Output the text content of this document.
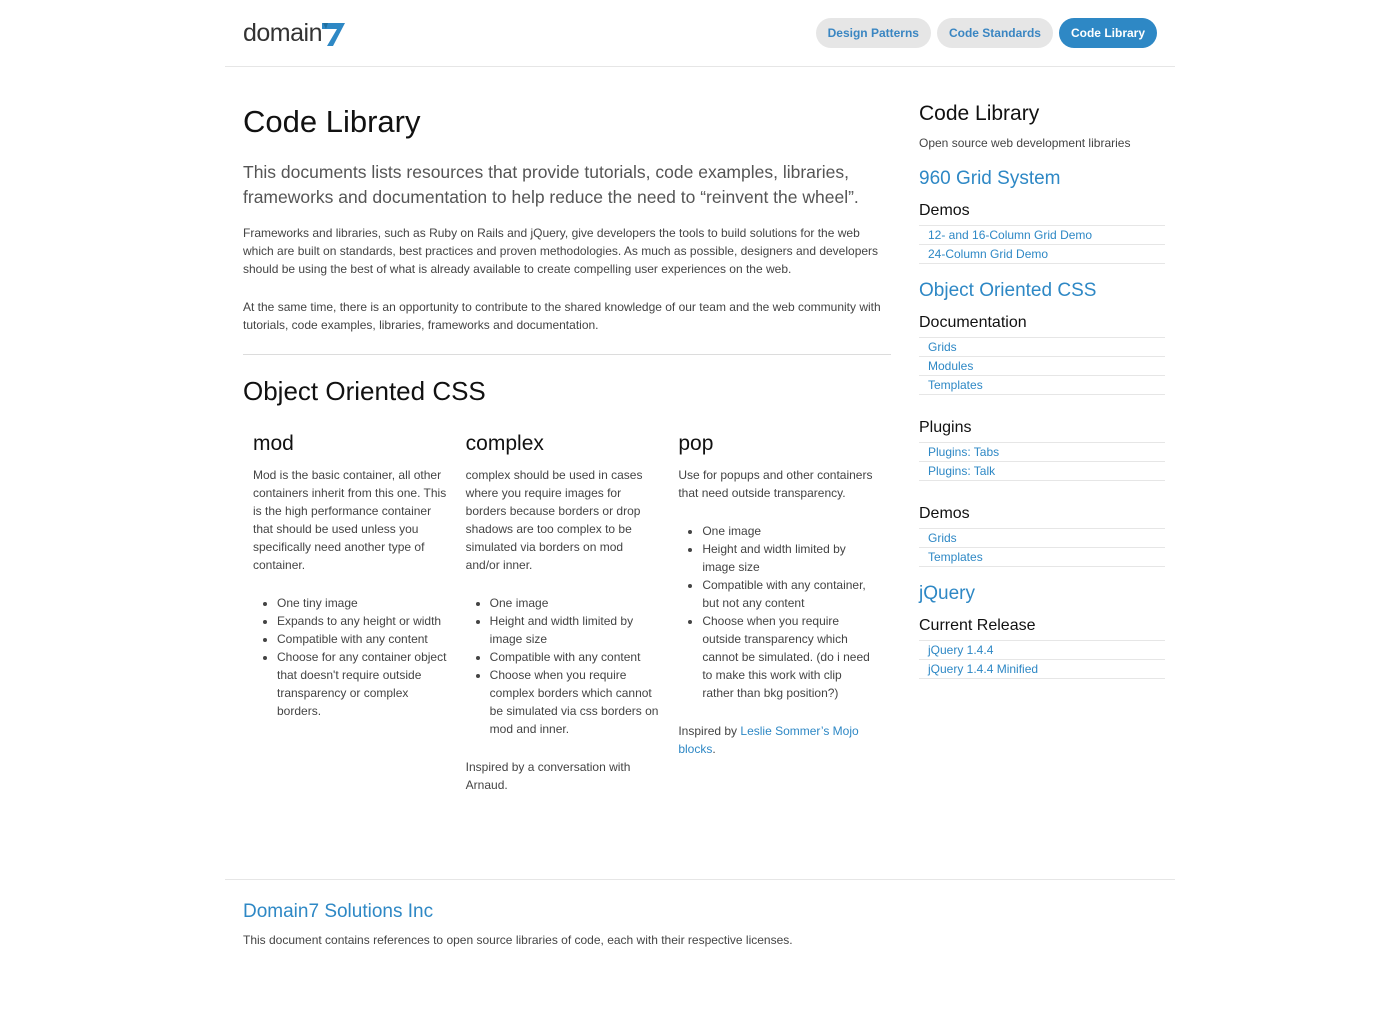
domain	Design Patterns	Code Standards	Code Library
Code Library

This documents lists resources that provide tutorials, code examples, libraries, frameworks and documentation to help reduce the need to “reinvent the wheel”.

Frameworks and libraries, such as Ruby on Rails and jQuery, give developers the tools to build solutions for the web which are built on standards, best practices and proven methodologies. As much as possible, designers and developers should be using the best of what is already available to create compelling user experiences on the web.

At the same time, there is an opportunity to contribute to the shared knowledge of our team and the web community with tutorials, code examples, libraries, frameworks and documentation.

Object Oriented CSS
mod

Mod is the basic container, all other containers inherit from this one. This is the high performance container that should be used unless you specifically need another type of container.

• One tiny image
• Expands to any height or width
• Compatible with any content
• Choose for any container object that doesn't require outside transparency or complex borders.
complex

complex should be used in cases where you require images for borders because borders or drop shadows are too complex to be simulated via borders on mod and/or inner.

• One image
• Height and width limited by image size
• Compatible with any content
• Choose when you require complex borders which cannot be simulated via css borders on mod and inner.

Inspired by a conversation with Arnaud.

pop

Use for popups and other containers that need outside transparency.

• One image
• Height and width limited by image size
• Compatible with any container, but not any content
• Choose when you require outside transparency which cannot be simulated. (do i need to make this work with clip rather than bkg position?)

Inspired by Leslie Sommer’s Mojo blocks.

Code Library

Open source web development libraries

960 Grid System
Demos
12- and 16-Column Grid Demo
24-Column Grid Demo
Object Oriented CSS
Documentation
Grids
Modules
Templates
Plugins
Plugins: Tabs
Plugins: Talk
Demos
Grids
Templates
jQuery
Current Release
jQuery 1.4.4
jQuery 1.4.4 Minified
Domain7 Solutions Inc

This document contains references to open source libraries of code, each with their respective licenses.
